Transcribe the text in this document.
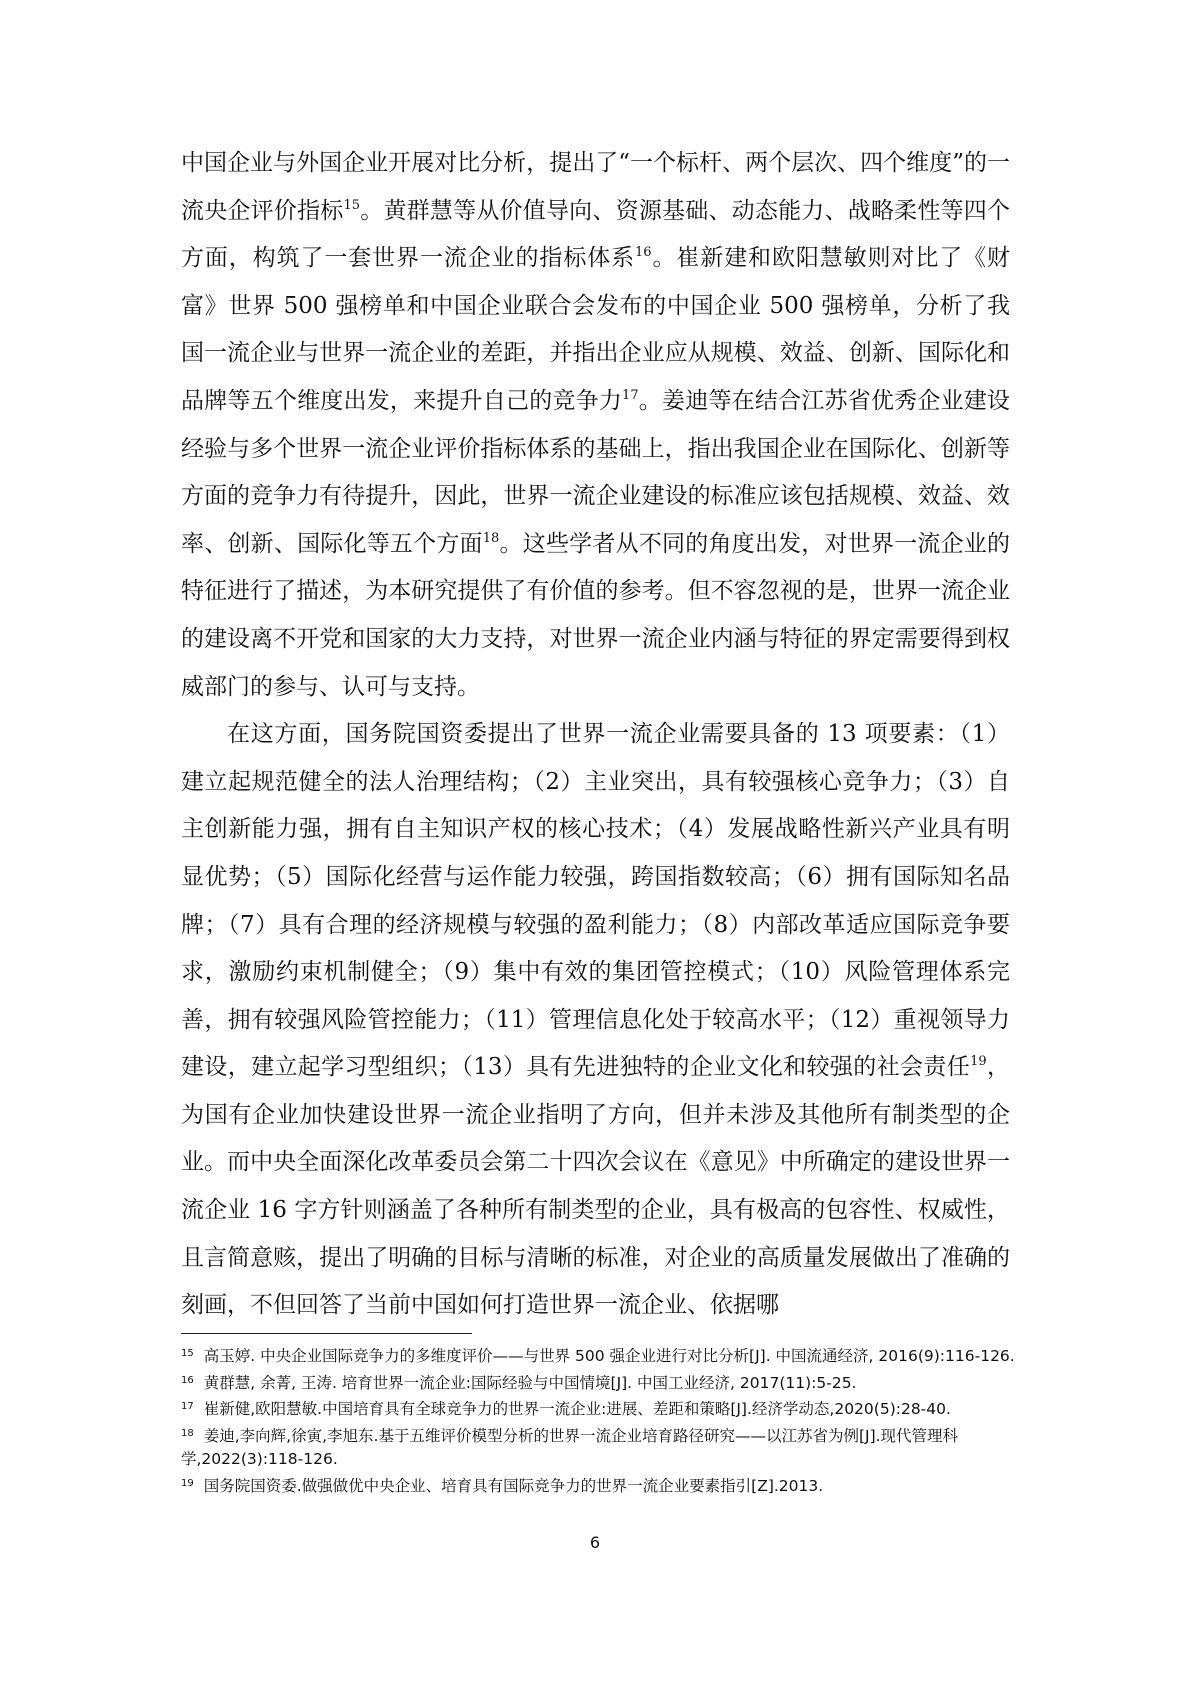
中国企业与外国企业开展对比分析，提出了“一个标杆、两个层次、四个维度”的一流央企评价指标$^{15}$。黄群慧等从价值导向、资源基础、动态能力、战略柔性等四个方面，构筑了一套世界一流企业的指标体系$^{16}$。崔新建和欧阳慧敏则对比了《财富》世界 500 强榜单和中国企业联合会发布的中国企业 500 强榜单，分析了我国一流企业与世界一流企业的差距，并指出企业应从规模、效益、创新、国际化和品牌等五个维度出发，来提升自己的竞争力$^{17}$。姜迪等在结合江苏省优秀企业建设经验与多个世界一流企业评价指标体系的基础上，指出我国企业在国际化、创新等方面的竞争力有待提升，因此，世界一流企业建设的标准应该包括规模、效益、效率、创新、国际化等五个方面$^{18}$。这些学者从不同的角度出发，对世界一流企业的特征进行了描述，为本研究提供了有价值的参考。但不容忽视的是，世界一流企业的建设离不开党和国家的大力支持，对世界一流企业内涵与特征的界定需要得到权威部门的参与、认可与支持。

在这方面，国务院国资委提出了世界一流企业需要具备的 13 项要素：（1）建立起规范健全的法人治理结构；（2）主业突出，具有较强核心竞争力；（3）自主创新能力强，拥有自主知识产权的核心技术；（4）发展战略性新兴产业具有明显优势；（5）国际化经营与运作能力较强，跨国指数较高；（6）拥有国际知名品牌；（7）具有合理的经济规模与较强的盈利能力；（8）内部改革适应国际竞争要求，激励约束机制健全；（9）集中有效的集团管控模式；（10）风险管理体系完善，拥有较强风险管控能力；（11）管理信息化处于较高水平；（12）重视领导力建设，建立起学习型组织；（13）具有先进独特的企业文化和较强的社会责任$^{19}$，为国有企业加快建设世界一流企业指明了方向，但并未涉及其他所有制类型的企业。而中央全面深化改革委员会第二十四次会议在《意见》中所确定的建设世界一流企业 16 字方针则涵盖了各种所有制类型的企业，具有极高的包容性、权威性，且言简意赅，提出了明确的目标与清晰的标准，对企业的高质量发展做出了准确的刻画，不但回答了当前中国如何打造世界一流企业、依据哪

$^{15}$ 高玉婷. 中央企业国际竞争力的多维度评价——与世界 500 强企业进行对比分析[J]. 中国流通经济, 2016(9):116-126.
$^{16}$ 黄群慧, 余菁, 王涛. 培育世界一流企业:国际经验与中国情境[J]. 中国工业经济, 2017(11):5-25.
$^{17}$ 崔新健,欧阳慧敏.中国培育具有全球竞争力的世界一流企业:进展、差距和策略[J].经济学动态,2020(5):28-40.
$^{18}$ 姜迪,李向辉,徐寅,李旭东.基于五维评价模型分析的世界一流企业培育路径研究——以江苏省为例[J].现代管理科学,2022(3):118-126.
$^{19}$ 国务院国资委.做强做优中央企业、培育具有国际竞争力的世界一流企业要素指引[Z].2013.
6
